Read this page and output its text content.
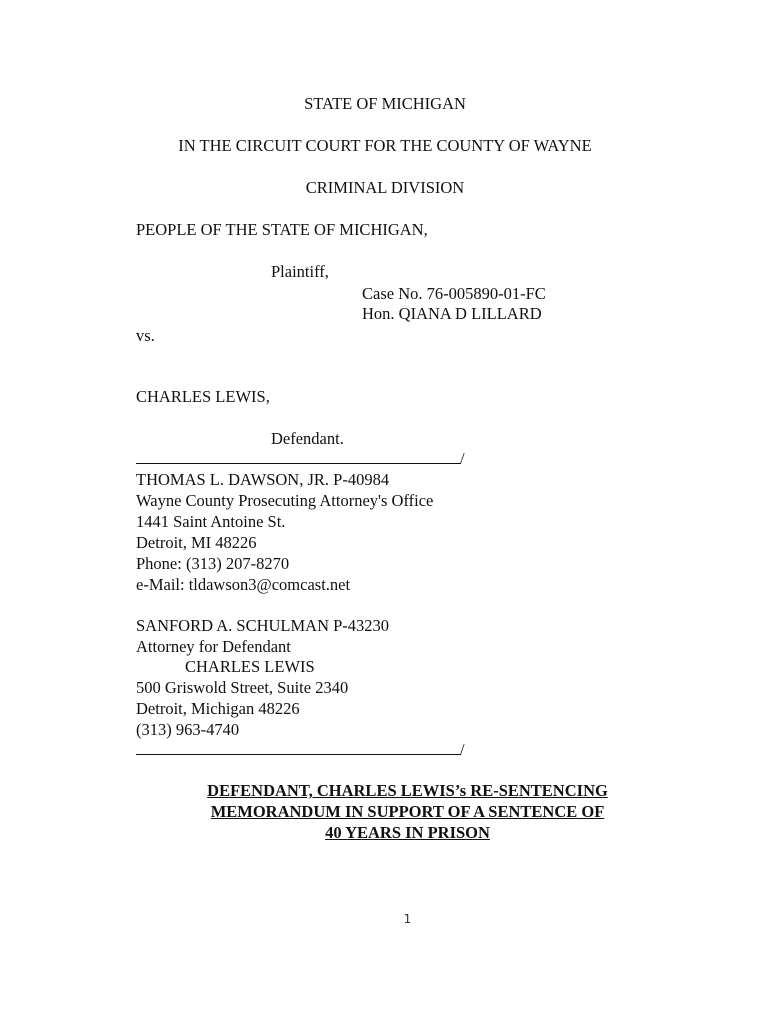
STATE OF MICHIGAN
IN THE CIRCUIT COURT FOR THE COUNTY OF WAYNE
CRIMINAL DIVISION
PEOPLE OF THE STATE OF MICHIGAN,
Plaintiff,
Case No. 76-005890-01-FC
Hon. QIANA D LILLARD
vs.
CHARLES LEWIS,
Defendant.
/
THOMAS L. DAWSON, JR. P-40984
Wayne County Prosecuting Attorney's Office
1441 Saint Antoine St.
Detroit, MI 48226
Phone: (313) 207-8270
e-Mail: tldawson3@comcast.net
SANFORD A. SCHULMAN P-43230
Attorney for Defendant
CHARLES LEWIS
500 Griswold Street, Suite 2340
Detroit, Michigan 48226
(313) 963-4740
/
DEFENDANT, CHARLES LEWIS’s RE-SENTENCING
MEMORANDUM IN SUPPORT OF A SENTENCE OF
40 YEARS IN PRISON
1
